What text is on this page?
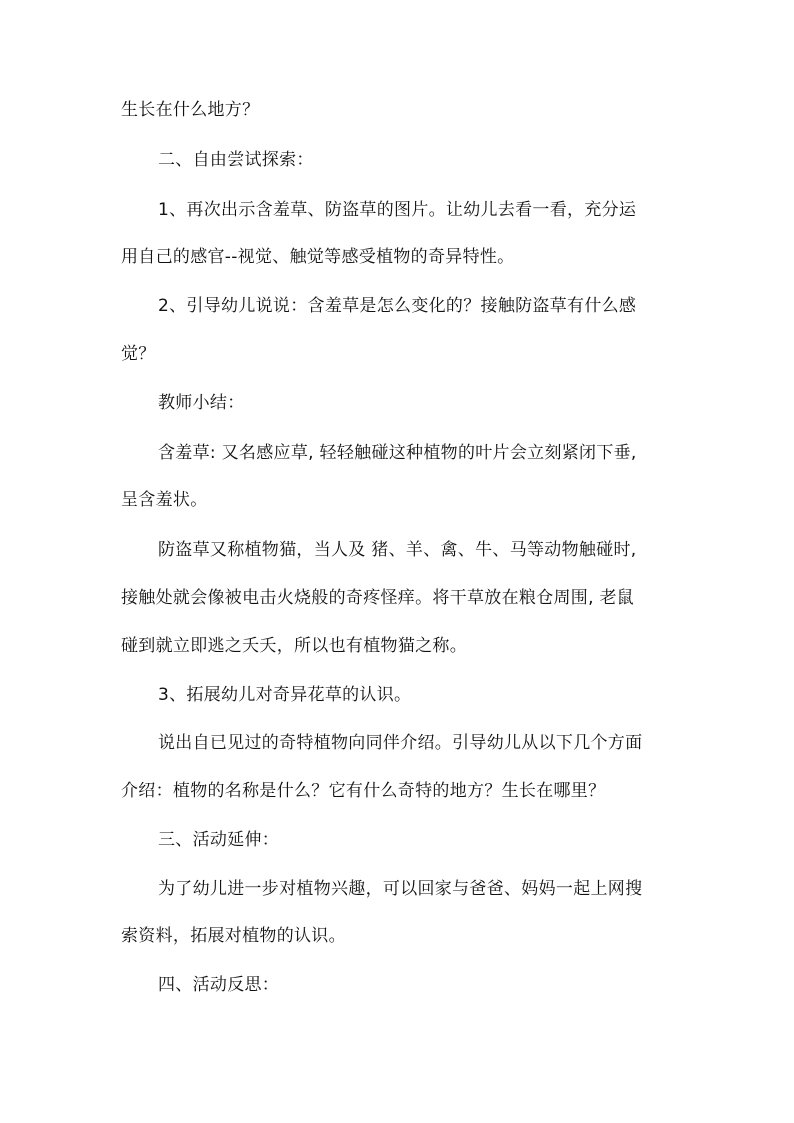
生长在什么地方？
二、自由尝试探索：
1、再次出示含羞草、防盗草的图片。让幼儿去看一看，充分运
用自己的感官--视觉、触觉等感受植物的奇异特性。
2、引导幼儿说说：含羞草是怎么变化的？接触防盗草有什么感
觉？
教师小结：
含羞草: 又名感应草, 轻轻触碰这种植物的叶片会立刻紧闭下垂,
呈含羞状。
防盗草又称植物猫，当人及 猪、羊、禽、牛、马等动物触碰时,
接触处就会像被电击火烧般的奇疼怪痒。将干草放在粮仓周围, 老鼠
碰到就立即逃之夭夭，所以也有植物猫之称。
3、拓展幼儿对奇异花草的认识。
说出自已见过的奇特植物向同伴介绍。引导幼儿从以下几个方面
介绍：植物的名称是什么？它有什么奇特的地方？生长在哪里？
三、活动延伸：
为了幼儿进一步对植物兴趣，可以回家与爸爸、妈妈一起上网搜
索资料，拓展对植物的认识。
四、活动反思：
